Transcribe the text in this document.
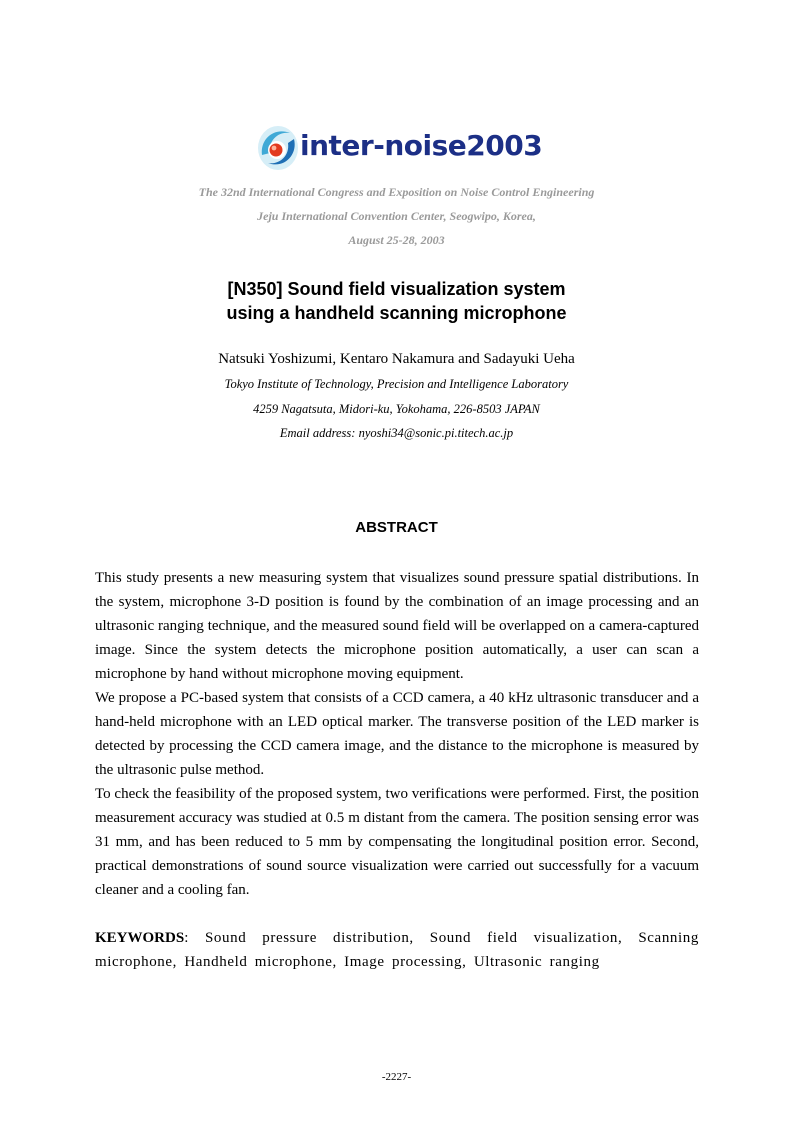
inter-noise2003
The 32nd International Congress and Exposition on Noise Control Engineering
Jeju International Convention Center, Seogwipo, Korea,
August 25-28, 2003
[N350] Sound field visualization system
using a handheld scanning microphone
Natsuki Yoshizumi, Kentaro Nakamura and Sadayuki Ueha
Tokyo Institute of Technology, Precision and Intelligence Laboratory
4259 Nagatsuta, Midori-ku, Yokohama, 226-8503 JAPAN
Email address: nyoshi34@sonic.pi.titech.ac.jp
ABSTRACT

This study presents a new measuring system that visualizes sound pressure spatial distributions. In the system, microphone 3-D position is found by the combination of an image processing and an ultrasonic ranging technique, and the measured sound field will be overlapped on a camera-captured image. Since the system detects the microphone position automatically, a user can scan a microphone by hand without microphone moving equipment.

We propose a PC-based system that consists of a CCD camera, a 40 kHz ultrasonic transducer and a hand-held microphone with an LED optical marker. The transverse position of the LED marker is detected by processing the CCD camera image, and the distance to the microphone is measured by the ultrasonic pulse method.

To check the feasibility of the proposed system, two verifications were performed. First, the position measurement accuracy was studied at 0.5 m distant from the camera. The position sensing error was 31 mm, and has been reduced to 5 mm by compensating the longitudinal position error. Second, practical demonstrations of sound source visualization were carried out successfully for a vacuum cleaner and a cooling fan.

KEYWORDS: Sound pressure distribution, Sound field visualization, Scanning microphone, Handheld microphone, Image processing, Ultrasonic ranging
-2227-
